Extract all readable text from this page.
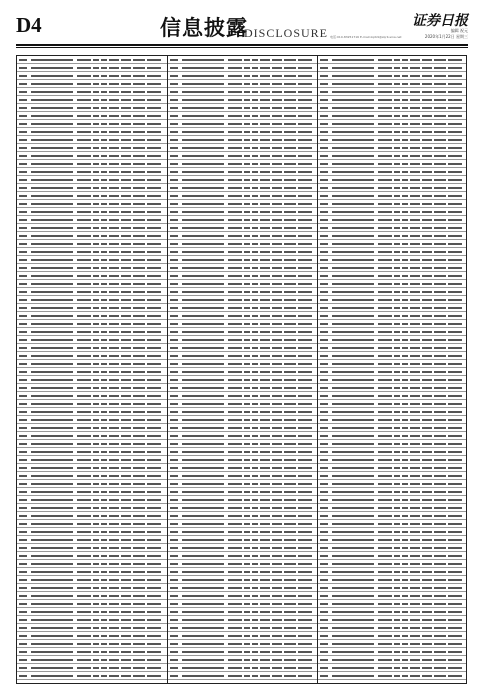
D4	信息披露
DISCLOSURE
证券日报
编辑 祝元
2020年1月22日 星期三
电话:010-83251716 E-mail:zqrb9@zqrb.sina.net
